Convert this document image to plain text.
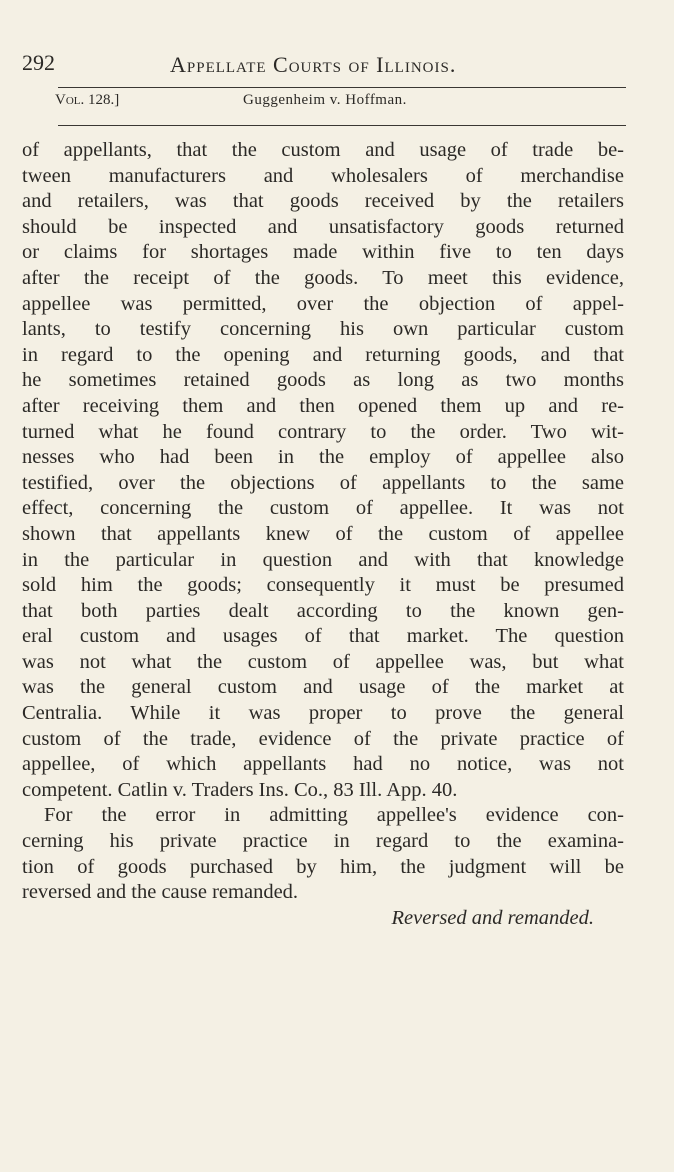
292	Appellate Courts of Illinois.
Vol. 128.]	Guggenheim v. Hoffman.
of appellants, that the custom and usage of trade be-
tween manufacturers and wholesalers of merchandise
and retailers, was that goods received by the retailers
should be inspected and unsatisfactory goods returned
or claims for shortages made within five to ten days
after the receipt of the goods. To meet this evidence,
appellee was permitted, over the objection of appel-
lants, to testify concerning his own particular custom
in regard to the opening and returning goods, and that
he sometimes retained goods as long as two months
after receiving them and then opened them up and re-
turned what he found contrary to the order. Two wit-
nesses who had been in the employ of appellee also
testified, over the objections of appellants to the same
effect, concerning the custom of appellee. It was not
shown that appellants knew of the custom of appellee
in the particular in question and with that knowledge
sold him the goods; consequently it must be presumed
that both parties dealt according to the known gen-
eral custom and usages of that market. The question
was not what the custom of appellee was, but what
was the general custom and usage of the market at
Centralia. While it was proper to prove the general
custom of the trade, evidence of the private practice of
appellee, of which appellants had no notice, was not
competent. Catlin v. Traders Ins. Co., 83 Ill. App. 40.
For the error in admitting appellee's evidence con-
cerning his private practice in regard to the examina-
tion of goods purchased by him, the judgment will be
reversed and the cause remanded.
Reversed and remanded.
